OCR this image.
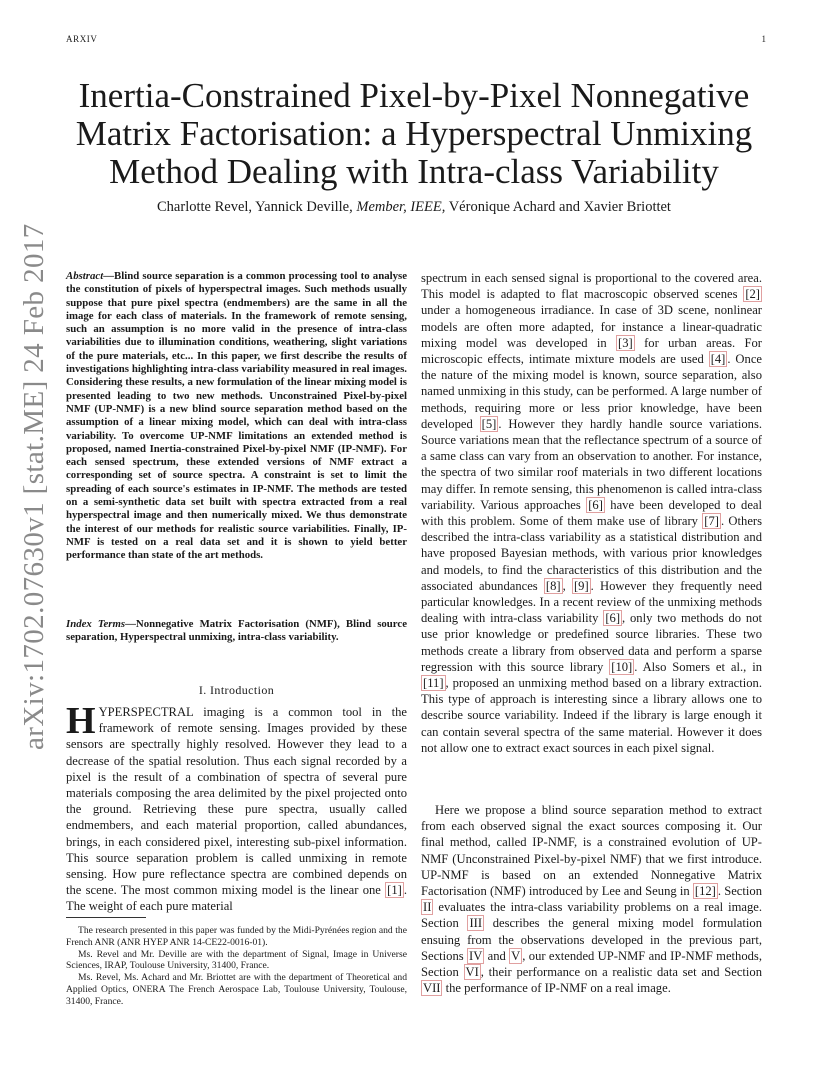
ARXIV	1
arXiv:1702.07630v1 [stat.ME] 24 Feb 2017
Inertia-Constrained Pixel-by-Pixel Nonnegative Matrix Factorisation: a Hyperspectral Unmixing Method Dealing with Intra-class Variability
Charlotte Revel, Yannick Deville, Member, IEEE, Véronique Achard and Xavier Briottet
Abstract—Blind source separation is a common processing tool to analyse the constitution of pixels of hyperspectral images. Such methods usually suppose that pure pixel spectra (endmembers) are the same in all the image for each class of materials. In the framework of remote sensing, such an assumption is no more valid in the presence of intra-class variabilities due to illumination conditions, weathering, slight variations of the pure materials, etc... In this paper, we first describe the results of investigations highlighting intra-class variability measured in real images. Considering these results, a new formulation of the linear mixing model is presented leading to two new methods. Unconstrained Pixel-by-pixel NMF (UP-NMF) is a new blind source separation method based on the assumption of a linear mixing model, which can deal with intra-class variability. To overcome UP-NMF limitations an extended method is proposed, named Inertia-constrained Pixel-by-pixel NMF (IP-NMF). For each sensed spectrum, these extended versions of NMF extract a corresponding set of source spectra. A constraint is set to limit the spreading of each source's estimates in IP-NMF. The methods are tested on a semi-synthetic data set built with spectra extracted from a real hyperspectral image and then numerically mixed. We thus demonstrate the interest of our methods for realistic source variabilities. Finally, IP-NMF is tested on a real data set and it is shown to yield better performance than state of the art methods.
Index Terms—Nonnegative Matrix Factorisation (NMF), Blind source separation, Hyperspectral unmixing, intra-class variability.
I. Introduction
HYPERSPECTRAL imaging is a common tool in the framework of remote sensing. Images provided by these sensors are spectrally highly resolved. However they lead to a decrease of the spatial resolution. Thus each signal recorded by a pixel is the result of a combination of spectra of several pure materials composing the area delimited by the pixel projected onto the ground. Retrieving these pure spectra, usually called endmembers, and each material proportion, called abundances, brings, in each considered pixel, interesting sub-pixel information. This source separation problem is called unmixing in remote sensing. How pure reflectance spectra are combined depends on the scene. The most common mixing model is the linear one [1] . The weight of each pure material

The research presented in this paper was funded by the Midi-Pyrénées region and the French ANR (ANR HYEP ANR 14-CE22-0016-01).

Ms. Revel and Mr. Deville are with the department of Signal, Image in Universe Sciences, IRAP, Toulouse University, 31400, France.

Ms. Revel, Ms. Achard and Mr. Briottet are with the department of Theoretical and Applied Optics, ONERA The French Aerospace Lab, Toulouse University, Toulouse, 31400, France.

spectrum in each sensed signal is proportional to the covered area. This model is adapted to flat macroscopic observed scenes [2] under a homogeneous irradiance. In case of 3D scene, nonlinear models are often more adapted, for instance a linear-quadratic mixing model was developed in [3] for urban areas. For microscopic effects, intimate mixture models are used [4] . Once the nature of the mixing model is known, source separation, also named unmixing in this study, can be performed. A large number of methods, requiring more or less prior knowledge, have been developed [5] . However they hardly handle source variations. Source variations mean that the reflectance spectrum of a source of a same class can vary from an observation to another. For instance, the spectra of two similar roof materials in two different locations may differ. In remote sensing, this phenomenon is called intra-class variability. Various approaches [6] have been developed to deal with this problem. Some of them make use of library [7] . Others described the intra-class variability as a statistical distribution and have proposed Bayesian methods, with various prior knowledges and models, to find the characteristics of this distribution and the associated abundances [8] , [9] . However they frequently need particular knowledges. In a recent review of the unmixing methods dealing with intra-class variability [6] , only two methods do not use prior knowledge or predefined source libraries. These two methods create a library from observed data and perform a sparse regression with this source library [10] . Also Somers et al., in [11] , proposed an unmixing method based on a library extraction. This type of approach is interesting since a library allows one to describe source variability. Indeed if the library is large enough it can contain several spectra of the same material. However it does not allow one to extract exact sources in each pixel signal.
Here we propose a blind source separation method to extract from each observed signal the exact sources composing it. Our final method, called IP-NMF, is a constrained evolution of UP-NMF (Unconstrained Pixel-by-pixel NMF) that we first introduce. UP-NMF is based on an extended Nonnegative Matrix Factorisation (NMF) introduced by Lee and Seung in [12] . Section II evaluates the intra-class variability problems on a real image. Section III describes the general mixing model formulation ensuing from the observations developed in the previous part, Sections IV and V , our extended UP-NMF and IP-NMF methods, Section VI , their performance on a realistic data set and Section VII the performance of IP-NMF on a real image.
